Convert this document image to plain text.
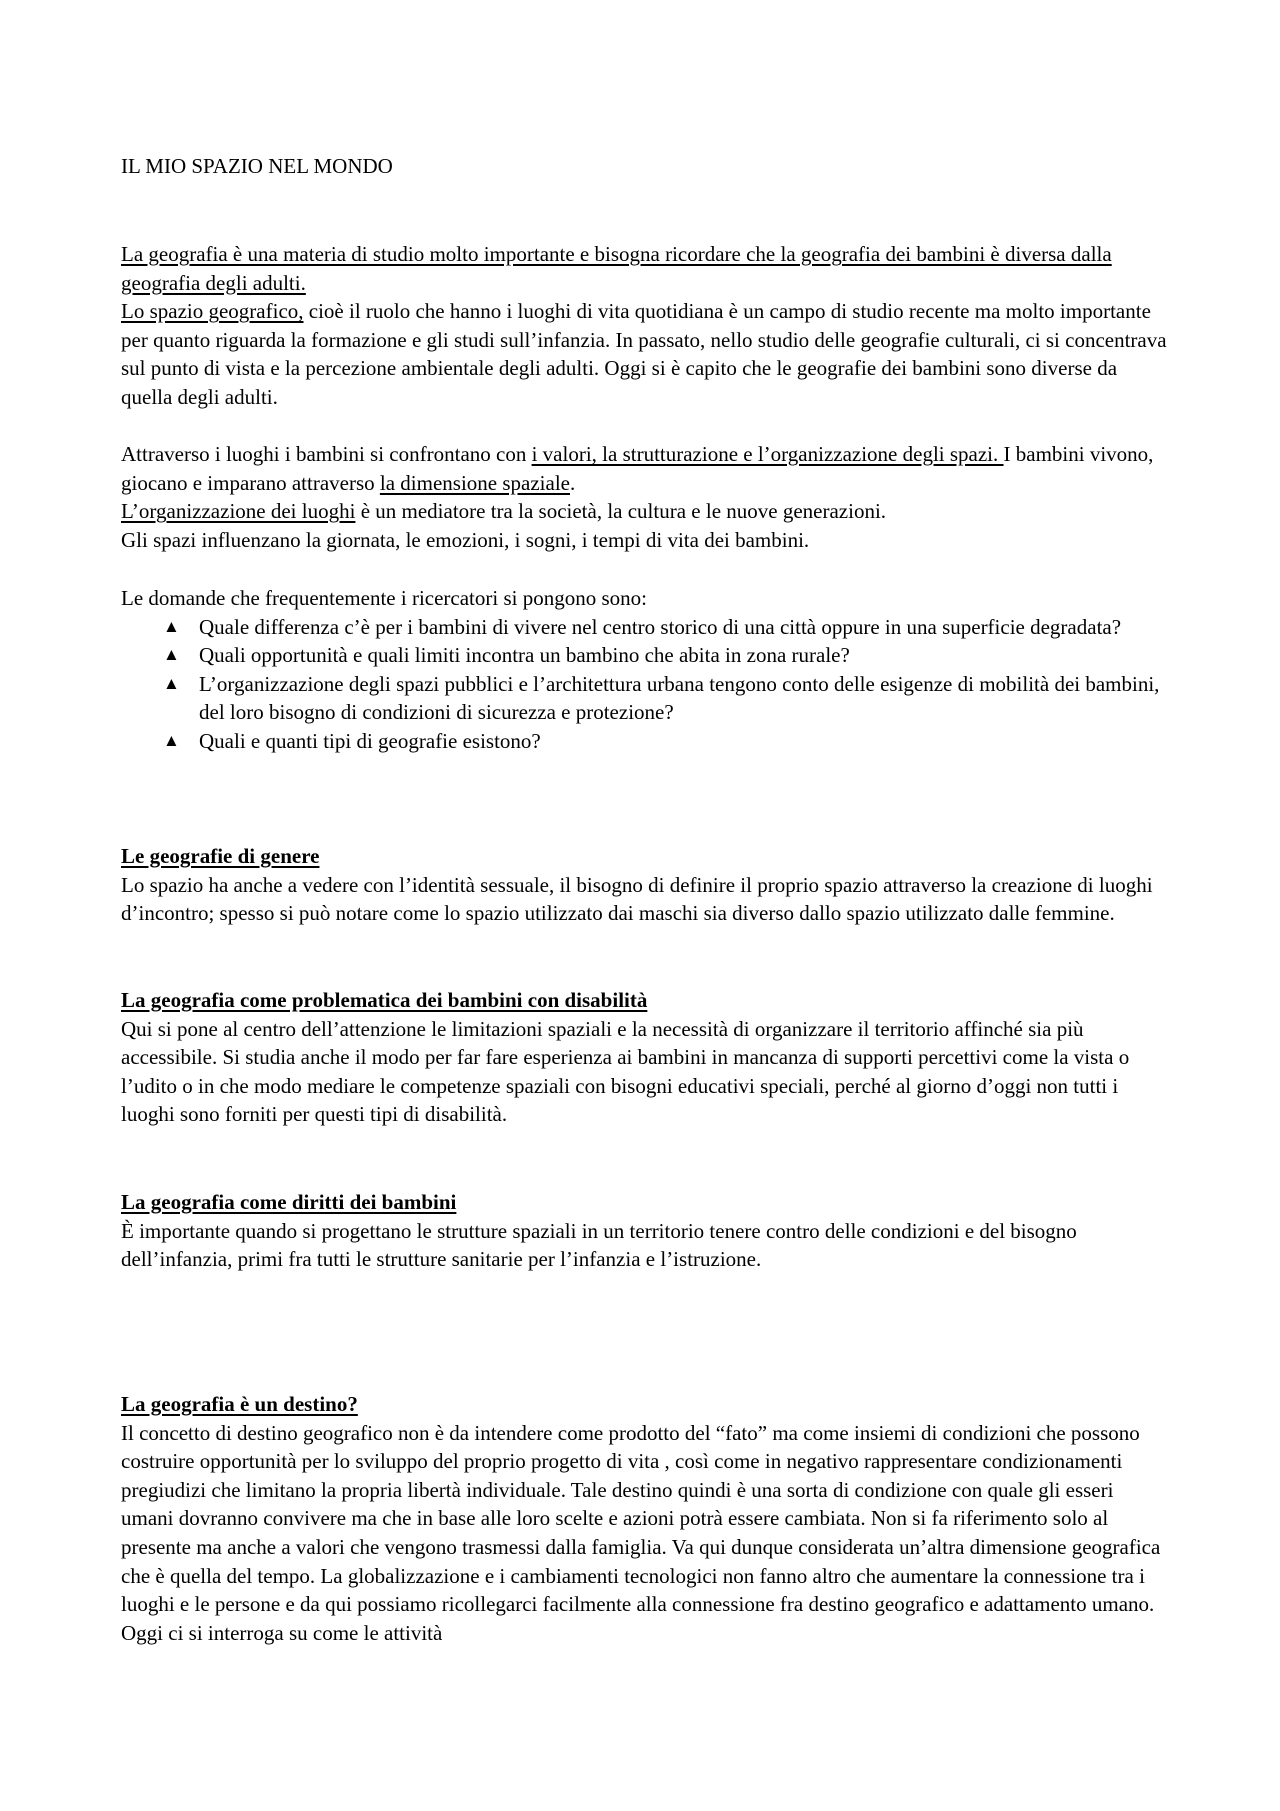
IL MIO SPAZIO NEL MONDO

La geografia è una materia di studio molto importante e bisogna ricordare che la geografia dei bambini è diversa dalla geografia degli adulti.

Lo spazio geografico, cioè il ruolo che hanno i luoghi di vita quotidiana è un campo di studio recente ma molto importante per quanto riguarda la formazione e gli studi sull’infanzia. In passato, nello studio delle geografie culturali, ci si concentrava sul punto di vista e la percezione ambientale degli adulti. Oggi si è capito che le geografie dei bambini sono diverse da quella degli adulti.

Attraverso i luoghi i bambini si confrontano con i valori, la strutturazione e l’organizzazione degli spazi. I bambini vivono, giocano e imparano attraverso la dimensione spaziale.

L’organizzazione dei luoghi è un mediatore tra la società, la cultura e le nuove generazioni.

Gli spazi influenzano la giornata, le emozioni, i sogni, i tempi di vita dei bambini.

Le domande che frequentemente i ricercatori si pongono sono:

▲ Quale differenza c’è per i bambini di vivere nel centro storico di una città oppure in una superficie degradata?
▲ Quali opportunità e quali limiti incontra un bambino che abita in zona rurale?
▲ L’organizzazione degli spazi pubblici e l’architettura urbana tengono conto delle esigenze di mobilità dei bambini, del loro bisogno di condizioni di sicurezza e protezione?
▲ Quali e quanti tipi di geografie esistono?

Le geografie di genere

Lo spazio ha anche a vedere con l’identità sessuale, il bisogno di definire il proprio spazio attraverso la creazione di luoghi d’incontro; spesso si può notare come lo spazio utilizzato dai maschi sia diverso dallo spazio utilizzato dalle femmine.

La geografia come problematica dei bambini con disabilità

Qui si pone al centro dell’attenzione le limitazioni spaziali e la necessità di organizzare il territorio affinché sia più accessibile. Si studia anche il modo per far fare esperienza ai bambini in mancanza di supporti percettivi come la vista o l’udito o in che modo mediare le competenze spaziali con bisogni educativi speciali, perché al giorno d’oggi non tutti i luoghi sono forniti per questi tipi di disabilità.

La geografia come diritti dei bambini

È importante quando si progettano le strutture spaziali in un territorio tenere contro delle condizioni e del bisogno dell’infanzia, primi fra tutti le strutture sanitarie per l’infanzia e l’istruzione.

La geografia è un destino?

Il concetto di destino geografico non è da intendere come prodotto del “fato” ma come insiemi di condizioni che possono costruire opportunità per lo sviluppo del proprio progetto di vita , così come in negativo rappresentare condizionamenti pregiudizi che limitano la propria libertà individuale. Tale destino quindi è una sorta di condizione con quale gli esseri umani dovranno convivere ma che in base alle loro scelte e azioni potrà essere cambiata. Non si fa riferimento solo al presente ma anche a valori che vengono trasmessi dalla famiglia. Va qui dunque considerata un’altra dimensione geografica che è quella del tempo. La globalizzazione e i cambiamenti tecnologici non fanno altro che aumentare la connessione tra i luoghi e le persone e da qui possiamo ricollegarci facilmente alla connessione fra destino geografico e adattamento umano. Oggi ci si interroga su come le attività
